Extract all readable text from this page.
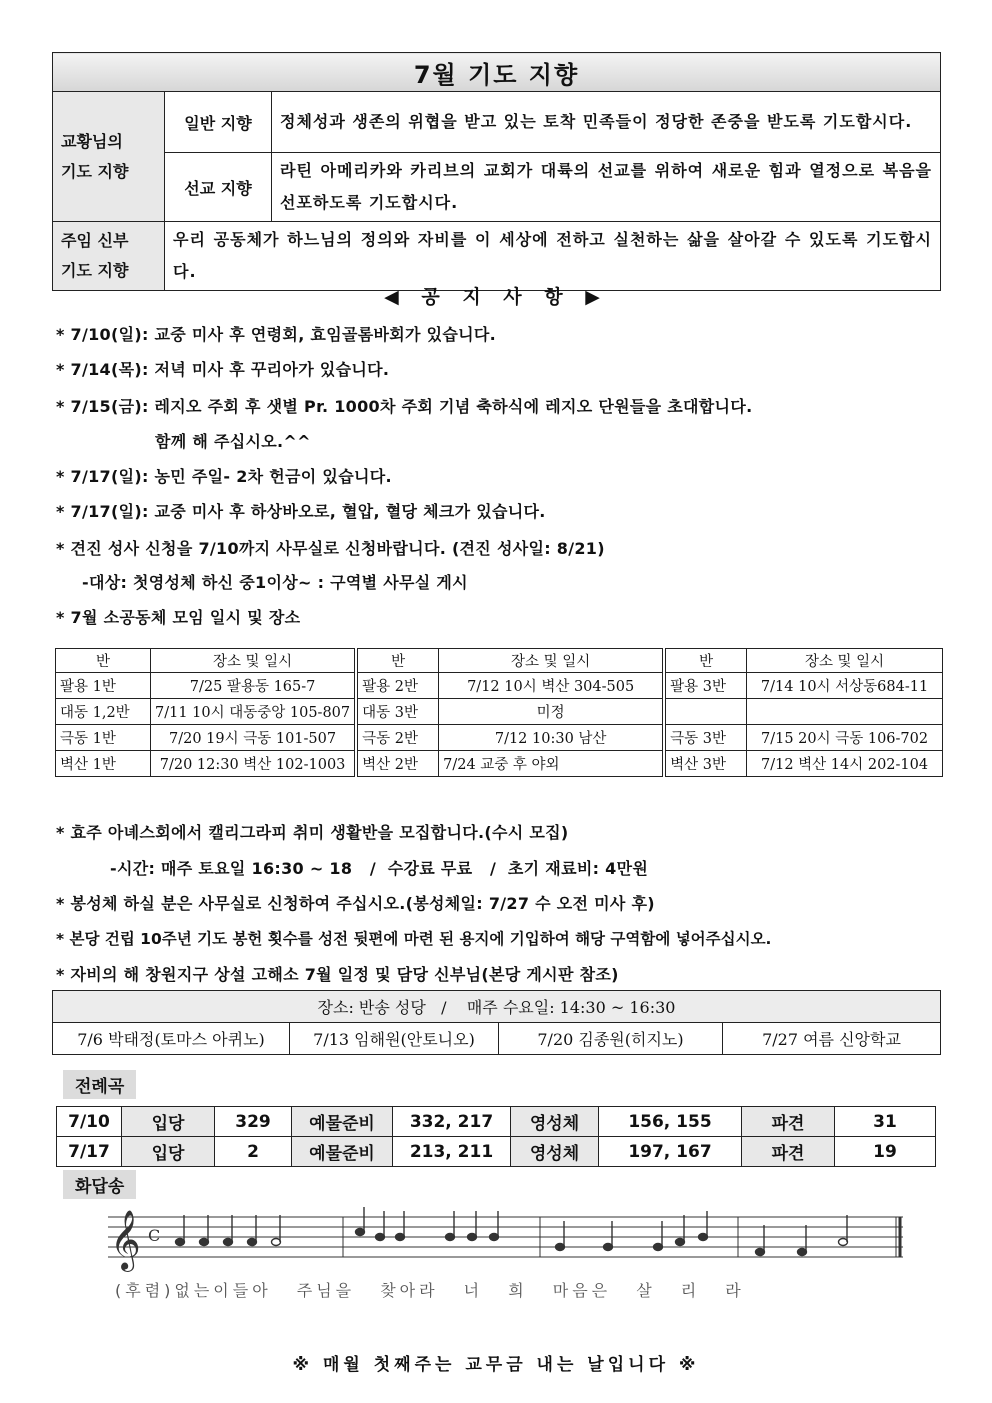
7월 기도 지향		
교황님의
기도 지향	일반 지향	정체성과 생존의 위협을 받고 있는 토착 민족들이 정당한 존중을 받도록 기도합시다.
	선교 지향	라틴 아메리카와 카리브의 교회가 대륙의 선교를 위하여 새로운 힘과 열정으로 복음을 선포하도록 기도합시다.
주임 신부
기도 지향	우리 공동체가 하느님의 정의와 자비를 이 세상에 전하고 실천하는 삶을 살아갈 수 있도록 기도합시다.	
◀ 공 지 사 항 ▶
* 7/10(일): 교중 미사 후 연령회, 효임골롬바회가 있습니다.
* 7/14(목): 저녁 미사 후 꾸리아가 있습니다.
* 7/15(금): 레지오 주회 후 샛별 Pr. 1000차 주회 기념 축하식에 레지오 단원들을 초대합니다.
함께 해 주십시오.^^
* 7/17(일): 농민 주일- 2차 헌금이 있습니다.
* 7/17(일): 교중 미사 후 하상바오로, 혈압, 혈당 체크가 있습니다.
* 견진 성사 신청을 7/10까지 사무실로 신청바랍니다. (견진 성사일: 8/21)
-대상: 첫영성체 하신 중1이상~ : 구역별 사무실 게시
* 7월 소공동체 모임 일시 및 장소
반	장소 및 일시		반	장소 및 일시		반	장소 및 일시
팔용 1반	7/25 팔용동 165-7		팔용 2반	7/12 10시 벽산 304-505		팔용 3반	7/14 10시 서상동684-11
대동 1,2반	7/11 10시 대동중앙 105-807		대동 3반	미정			
극동 1반	7/20 19시 극동 101-507		극동 2반	7/12 10:30 남산		극동 3반	7/15 20시 극동 106-702
벽산 1반	7/20 12:30 벽산 102-1003		벽산 2반	7/24 교중 후 야외		벽산 3반	7/12 벽산 14시 202-104
* 효주 아녜스회에서 캘리그라피 취미 생활반을 모집합니다.(수시 모집)
-시간: 매주 토요일 16:30 ~ 18   /  수강료 무료   /  초기 재료비: 4만원
* 봉성체 하실 분은 사무실로 신청하여 주십시오.(봉성체일: 7/27 수 오전 미사 후)
* 본당 건립 10주년 기도 봉헌 횟수를 성전 뒷편에 마련 된 용지에 기입하여 해당 구역함에 넣어주십시오.
* 자비의 해 창원지구 상설 고해소 7월 일정 및 담당 신부님(본당 게시판 참조)
장소: 반송 성당   /    매주 수요일: 14:30 ~ 16:30
7/6 박태정(토마스 아퀴노)	7/13 임해원(안토니오)	7/20 김종원(히지노)	7/27 여름 신앙학교
전례곡
7/10	입당	329	예물준비	332, 217	영성체	156, 155	파견	31
7/17	입당	2	예물준비	213, 211	영성체	197, 167	파견	19
화답송
𝄞 C
(후렴)없는이들아 주님을 찾아라 너 희 마음은 살 리 라
※ 매월 첫째주는 교무금 내는 날입니다 ※
